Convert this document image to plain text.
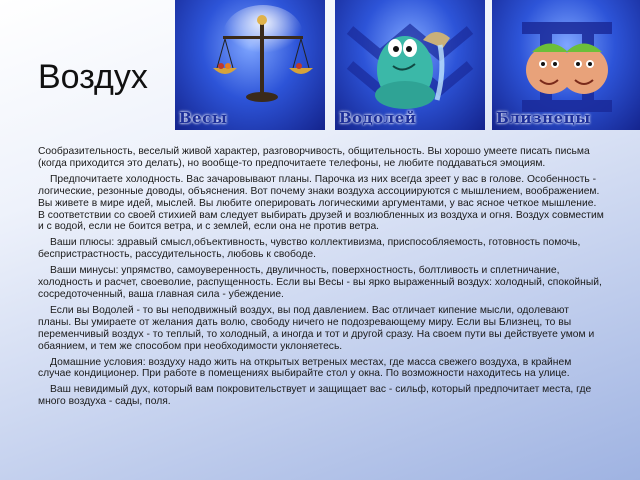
Воздух
Весы	Водолей	Близнецы

Сообразительность, веселый живой характер, разговорчивость, общительность. Вы хорошо умеете писать письма (когда приходится это делать), но вообще-то предпочитаете телефоны, не любите поддаваться эмоциям.

Предпочитаете холодность. Вас зачаровывают планы. Парочка из них всегда зреет у вас в голове. Особенность - логические, резонные доводы, объяснения. Вот почему знаки воздуха ассоциируются с мышлением, воображением. Вы живете в мире идей, мыслей. Вы любите оперировать логическими аргументами, у вас ясное четкое мышление. В соответствии со своей стихией вам следует выбирать друзей и возлюбленных из воздуха и огня. Воздух совместим и с водой, если не боится ветра, и с землей, если она не против ветра.

Ваши плюсы: здравый смысл,объективность, чувство коллективизма, приспособляемость, готовность помочь, беспристрастность, рассудительность, любовь к свободе.

Ваши минусы: упрямство, самоуверенность, двуличность, поверхностность, болтливость и сплетничание, холодность и расчет, своеволие, распущенность. Если вы Весы - вы ярко выраженный воздух: холодный, спокойный, сосредоточенный, ваша главная сила - убеждение.

Если вы Водолей - то вы неподвижный воздух, вы под давлением. Вас отличает кипение мысли, одолевают планы. Вы умираете от желания дать волю, свободу ничего не подозревающему миру. Если вы Близнец, то вы переменчивый воздух - то теплый, то холодный, а иногда и тот и другой сразу. На своем пути вы действуете умом и обаянием, и тем же способом при необходимости уклоняетесь.

Домашние условия: воздуху надо жить на открытых ветреных местах, где масса свежего воздуха, в крайнем случае кондиционер. При работе в помещениях выбирайте стол у окна. По возможности находитесь на улице.

Ваш невидимый дух, который вам покровительствует и защищает вас - сильф, который предпочитает места, где много воздуха - сады, поля.
